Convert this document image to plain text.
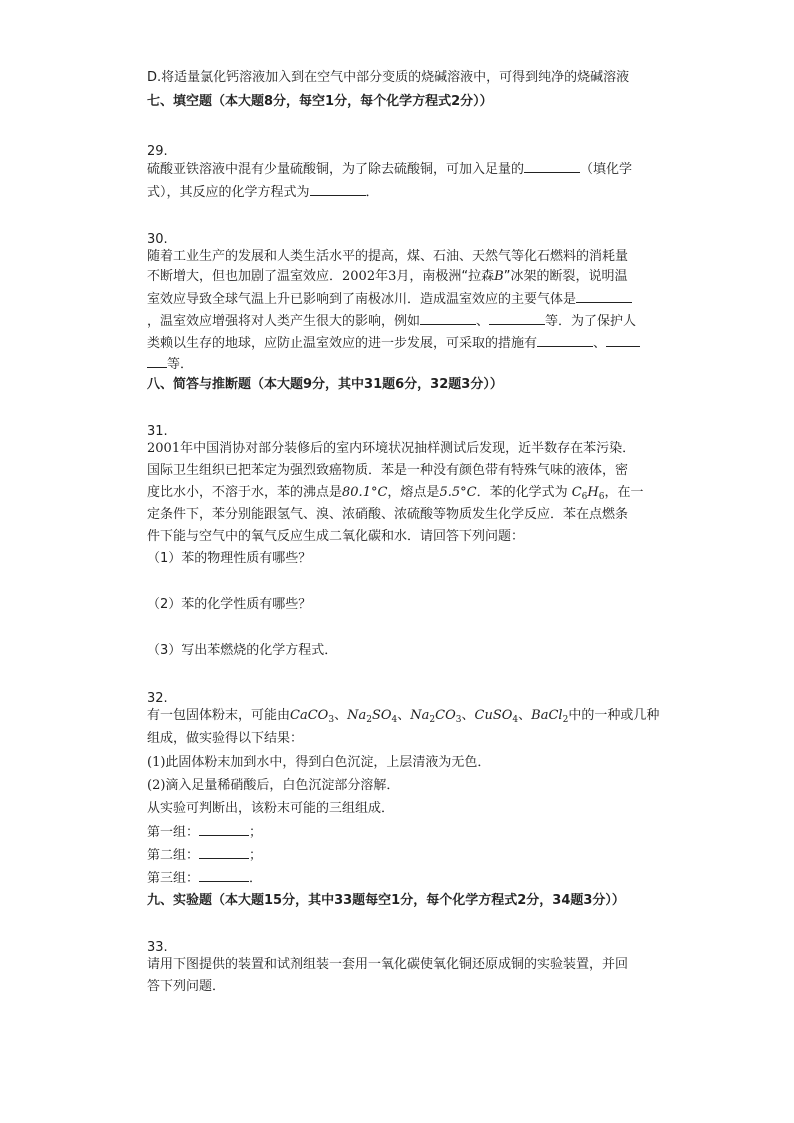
D.将适量氯化钙溶液加入到在空气中部分变质的烧碱溶液中，可得到纯净的烧碱溶液
七、填空题（本大题8分，每空1分，每个化学方程式2分））
29.
硫酸亚铁溶液中混有少量硫酸铜，为了除去硫酸铜，可加入足量的	（填化学
式），其反应的化学方程式为	．
30.
随着工业生产的发展和人类生活水平的提高，煤、石油、天然气等化石燃料的消耗量
不断增大，但也加剧了温室效应．2002年3月，南极洲“拉森B”冰架的断裂，说明温
室效应导致全球气温上升已影响到了南极冰川．造成温室效应的主要气体是
，温室效应增强将对人类产生很大的影响，例如	、	等．为了保护人
类赖以生存的地球，应防止温室效应的进一步发展，可采取的措施有	、
等．
八、简答与推断题（本大题9分，其中31题6分，32题3分））
31.
2001年中国消协对部分装修后的室内环境状况抽样测试后发现，近半数存在苯污染．
国际卫生组织已把苯定为强烈致癌物质．苯是一种没有颜色带有特殊气味的液体，密
度比水小，不溶于水，苯的沸点是80.1°C，熔点是5.5°C．苯的化学式为 $C_6H_6$，在一
定条件下，苯分别能跟氢气、溴、浓硝酸、浓硫酸等物质发生化学反应．苯在点燃条
件下能与空气中的氧气反应生成二氧化碳和水．请回答下列问题：
（1）苯的物理性质有哪些？
（2）苯的化学性质有哪些？
（3）写出苯燃烧的化学方程式．
32.
有一包固体粉末，可能由CaCO$_3$、$Na_2SO_4$、$Na_2CO_3$、CuSO$_4$、BaCl$_2$中的一种或几种
组成，做实验得以下结果：
(1)此固体粉末加到水中，得到白色沉淀，上层清液为无色．
(2)滴入足量稀硝酸后，白色沉淀部分溶解．
从实验可判断出，该粉末可能的三组组成．
第一组：	；
第二组：	；
第三组：	．
九、实验题（本大题15分，其中33题每空1分，每个化学方程式2分，34题3分））
33.
请用下图提供的装置和试剂组装一套用一氧化碳使氧化铜还原成铜的实验装置，并回
答下列问题．
